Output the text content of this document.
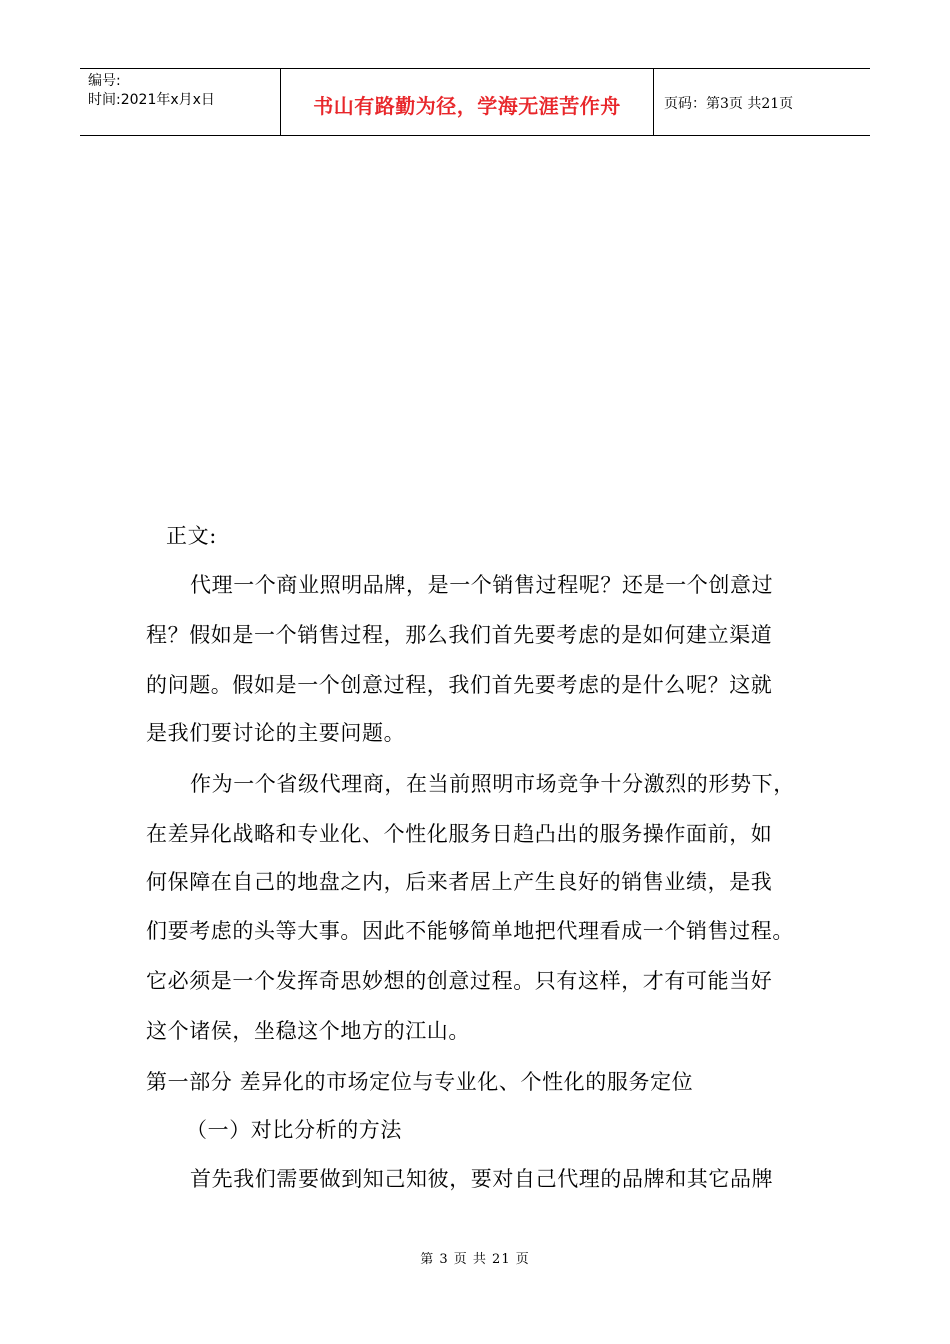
编号:
时间:2021年x月x日	书山有路勤为径，学海无涯苦作舟	页码：第3页 共21页
正文:
代理一个商业照明品牌，是一个销售过程呢？还是一个创意过
程？假如是一个销售过程，那么我们首先要考虑的是如何建立渠道
的问题。假如是一个创意过程，我们首先要考虑的是什么呢？这就
是我们要讨论的主要问题。
作为一个省级代理商，在当前照明市场竞争十分激烈的形势下，
在差异化战略和专业化、个性化服务日趋凸出的服务操作面前，如
何保障在自己的地盘之内，后来者居上产生良好的销售业绩，是我
们要考虑的头等大事。因此不能够简单地把代理看成一个销售过程。
它必须是一个发挥奇思妙想的创意过程。只有这样，才有可能当好
这个诸侯，坐稳这个地方的江山。
第一部分 差异化的市场定位与专业化、个性化的服务定位
（一）对比分析的方法
首先我们需要做到知己知彼，要对自己代理的品牌和其它品牌
第 3 页 共 21 页
